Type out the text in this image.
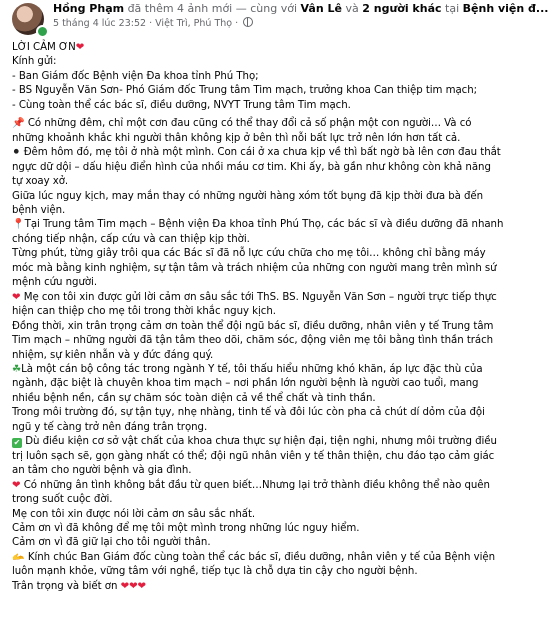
Hồng Phạm đã thêm 4 ảnh mới — cùng với Vân Lê và 2 người khác tại Bệnh viện đ...
5 tháng 4 lúc 23:52 · Việt Trì, Phú Thọ ·

LỜI CẢM ƠN❤

Kính gửi:

- Ban Giám đốc Bệnh viện Đa khoa tỉnh Phú Thọ;

- BS Nguyễn Văn Sơn- Phó Giám đốc Trung tâm Tim mạch, trưởng khoa Can thiệp tim mạch;

- Cùng toàn thể các bác sĩ, điều dưỡng, NVYT Trung tâm Tim mạch.

📌 Có những đêm, chỉ một cơn đau cũng có thể thay đổi cả số phận một con người… Và có những khoảnh khắc khi người thân không kịp ở bên thì nỗi bất lực trở nên lớn hơn tất cả.

⚫ Đêm hôm đó, mẹ tôi ở nhà một mình. Con cái ở xa chưa kịp về thì bất ngờ bà lên cơn đau thắt ngực dữ dội – dấu hiệu điển hình của nhồi máu cơ tim. Khi ấy, bà gần như không còn khả năng tự xoay xở.

Giữa lúc nguy kịch, may mắn thay có những người hàng xóm tốt bụng đã kịp thời đưa bà đến bệnh viện.

📍Tại Trung tâm Tim mạch – Bệnh viện Đa khoa tỉnh Phú Thọ, các bác sĩ và điều dưỡng đã nhanh chóng tiếp nhận, cấp cứu và can thiệp kịp thời.

Từng phút, từng giây trôi qua các Bác sĩ đã nỗ lực cứu chữa cho mẹ tôi… không chỉ bằng máy móc mà bằng kinh nghiệm, sự tận tâm và trách nhiệm của những con người mang trên mình sứ mệnh cứu người.

❤ Mẹ con tôi xin được gửi lời cảm ơn sâu sắc tới ThS. BS. Nguyễn Văn Sơn – người trực tiếp thực hiện can thiệp cho mẹ tôi trong thời khắc nguy kịch.

Đồng thời, xin trân trọng cảm ơn toàn thể đội ngũ bác sĩ, điều dưỡng, nhân viên y tế Trung tâm Tim mạch – những người đã tận tâm theo dõi, chăm sóc, động viên mẹ tôi bằng tình thần trách nhiệm, sự kiên nhẫn và y đức đáng quý.

☘Là một cán bộ công tác trong ngành Y tế, tôi thấu hiểu những khó khăn, áp lực đặc thù của ngành, đặc biệt là chuyên khoa tim mạch – nơi phần lớn người bệnh là người cao tuổi, mang nhiều bệnh nền, cần sự chăm sóc toàn diện cả về thể chất và tinh thần.

Trong môi trường đó, sự tận tụy, nhẹ nhàng, tinh tế và đôi lúc còn pha cả chút dí dỏm của đội ngũ y tế càng trở nên đáng trân trọng.

✔ Dù điều kiện cơ sở vật chất của khoa chưa thực sự hiện đại, tiện nghi, nhưng môi trường điều trị luôn sạch sẽ, gọn gàng nhất có thể; đội ngũ nhân viên y tế thân thiện, chu đáo tạo cảm giác an tâm cho người bệnh và gia đình.

❤ Có những ân tình không bắt đầu từ quen biết…Nhưng lại trở thành điều không thể nào quên trong suốt cuộc đời.

Mẹ con tôi xin được nói lời cảm ơn sâu sắc nhất.

Cảm ơn vì đã không để mẹ tôi một mình trong những lúc nguy hiểm.

Cảm ơn vì đã giữ lại cho tôi người thân.

🫴 Kính chúc Ban Giám đốc cùng toàn thể các bác sĩ, điều dưỡng, nhân viên y tế của Bệnh viện luôn mạnh khỏe, vững tâm với nghề, tiếp tục là chỗ dựa tin cậy cho người bệnh.

Trân trọng và biết ơn ❤❤❤
